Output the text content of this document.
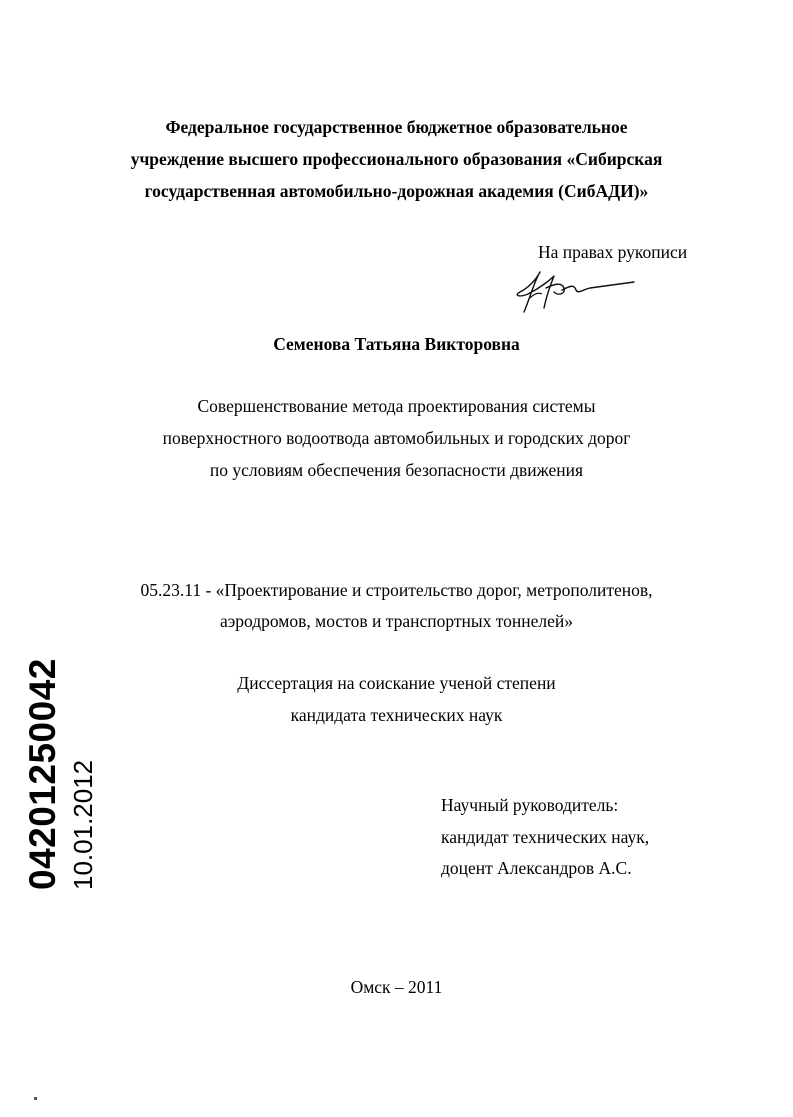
Федеральное государственное бюджетное образовательное
учреждение высшего профессионального образования «Сибирская
государственная автомобильно-дорожная академия (СибАДИ)»
На правах рукописи
Семенова Татьяна Викторовна
Совершенствование метода проектирования системы
поверхностного водоотвода автомобильных и городских дорог
по условиям обеспечения безопасности движения
05.23.11 - «Проектирование и строительство дорог, метрополитенов,
аэродромов, мостов и транспортных тоннелей»
Диссертация на соискание ученой степени
кандидата технических наук
Научный руководитель:
кандидат технических наук,
доцент Александров А.С.
Омск – 2011
04201250042 10.01.2012
